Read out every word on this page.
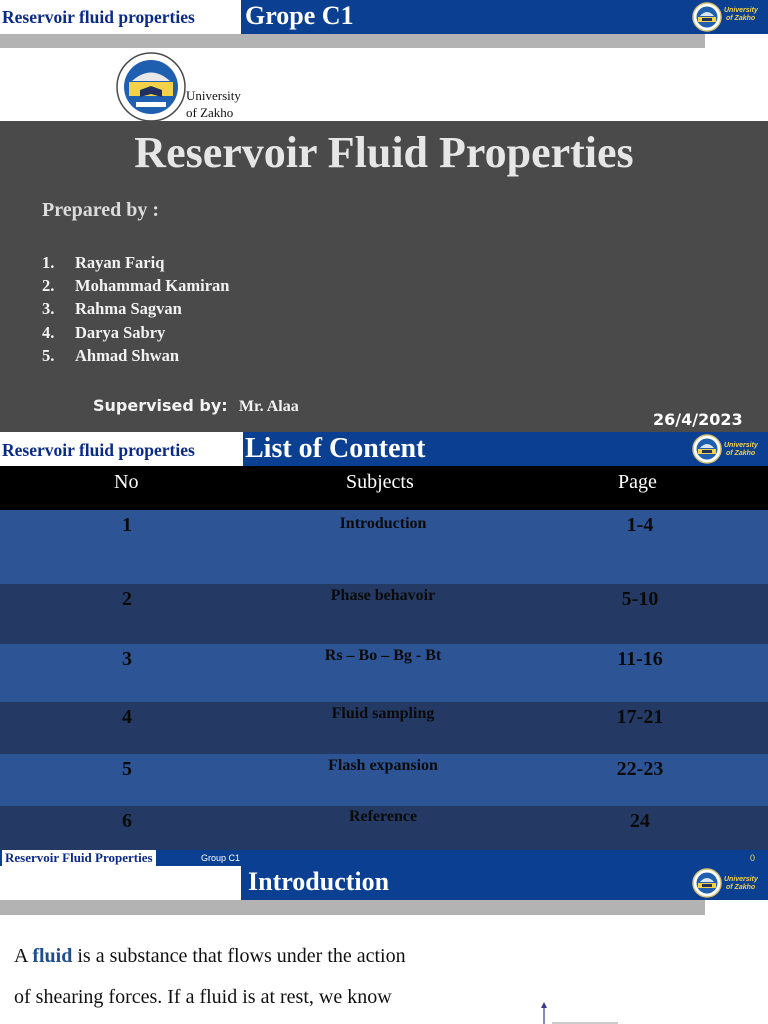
Reservoir fluid properties	Grope C1	University
of Zakho
University
of Zakho
Reservoir Fluid Properties
Prepared by :
1. Rayan Fariq
2. Mohammad Kamiran
3. Rahma Sagvan
4. Darya Sabry
5. Ahmad Shwan
Supervised by: Mr. Alaa
26/4/2023
Reservoir fluid properties	List of Content	University
of Zakho
No	Subjects	Page
1	Introduction	1-4
2	Phase behavoir	5-10
3	Rs – Bo – Bg - Bt	11-16
4	Fluid sampling	17-21
5	Flash expansion	22-23
6	Reference	24
Reservoir Fluid Properties	Group C1	0
Introduction	University
of Zakho
A fluid is a substance that flows under the action
of shearing forces. If a fluid is at rest, we know
